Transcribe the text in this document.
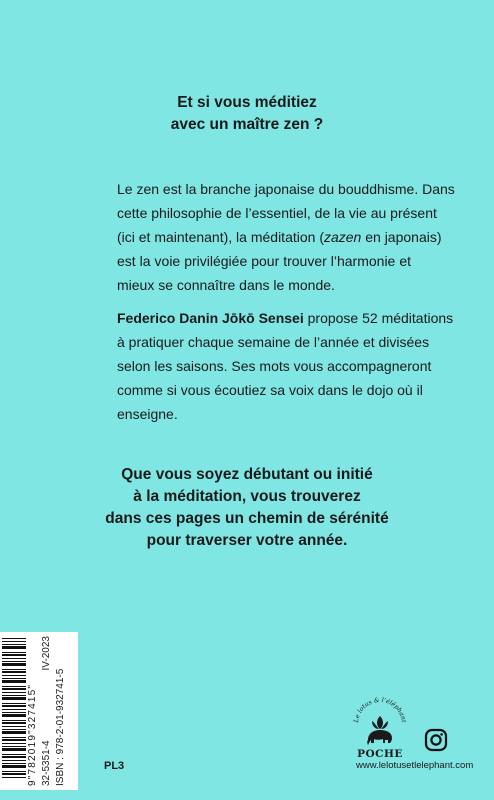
Et si vous méditiez
avec un maître zen ?
Le zen est la branche japonaise du bouddhisme. Dans
cette philosophie de l’essentiel, de la vie au présent
(ici et maintenant), la méditation (zazen en japonais)
est la voie privilégiée pour trouver l’harmonie et
mieux se connaître dans le monde.
Federico Danin Jōkō Sensei propose 52 méditations
à pratiquer chaque semaine de l’année et divisées
selon les saisons. Ses mots vous accompagneront
comme si vous écoutiez sa voix dans le dojo où il
enseigne.
Que vous soyez débutant ou initié
à la méditation, vous trouverez
dans ces pages un chemin de sérénité
pour traverser votre année.
9"782019"327415" 32-5351-4
IV-2023
ISBN : 978-2-01-932741-5	PL3
Le lotus & l’éléphant
POCHE
www.lelotusetlelephant.com
